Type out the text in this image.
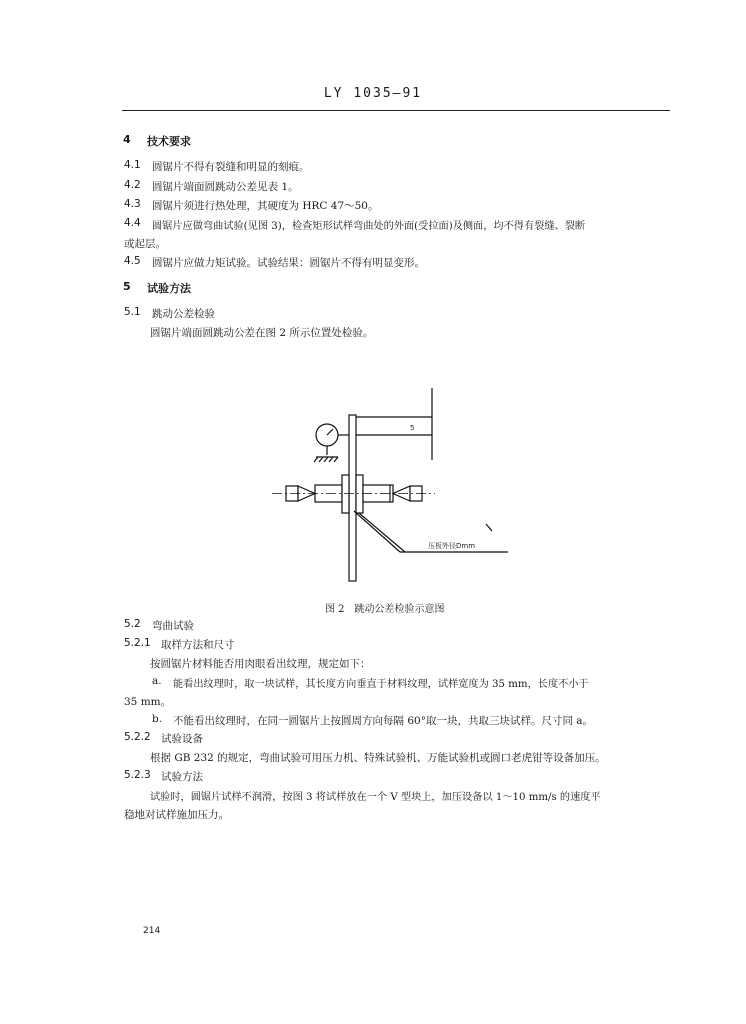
LY 1035—91
4 技术要求
4.1 圆锯片不得有裂缝和明显的刻痕。
4.2 圆锯片端面圆跳动公差见表 1。
4.3 圆锯片须进行热处理，其硬度为 HRC 47～50。
4.4 圆锯片应做弯曲试验(见图 3)，检查矩形试样弯曲处的外面(受拉面)及侧面，均不得有裂缝、裂断
或起层。
4.5 圆锯片应做力矩试验。试验结果：圆锯片不得有明显变形。
5 试验方法
5.1 跳动公差检验
圆锯片端面圆跳动公差在图 2 所示位置处检验。
5
压板外径Dmm
图 2　跳动公差检验示意图
5.2 弯曲试验
5.2.1 取样方法和尺寸
按圆锯片材料能否用肉眼看出纹理，规定如下：
a. 能看出纹理时，取一块试样，其长度方向垂直于材料纹理，试样宽度为 35 mm，长度不小于
35 mm。
b. 不能看出纹理时，在同一圆锯片上按圆周方向每隔 60°取一块，共取三块试样。尺寸同 a。
5.2.2 试验设备
根据 GB 232 的规定，弯曲试验可用压力机、特殊试验机、万能试验机或圆口老虎钳等设备加压。
5.2.3 试验方法
试验时，圆锯片试样不润滑，按图 3 将试样放在一个 V 型块上，加压设备以 1～10 mm/s 的速度平
稳地对试样施加压力。
214
